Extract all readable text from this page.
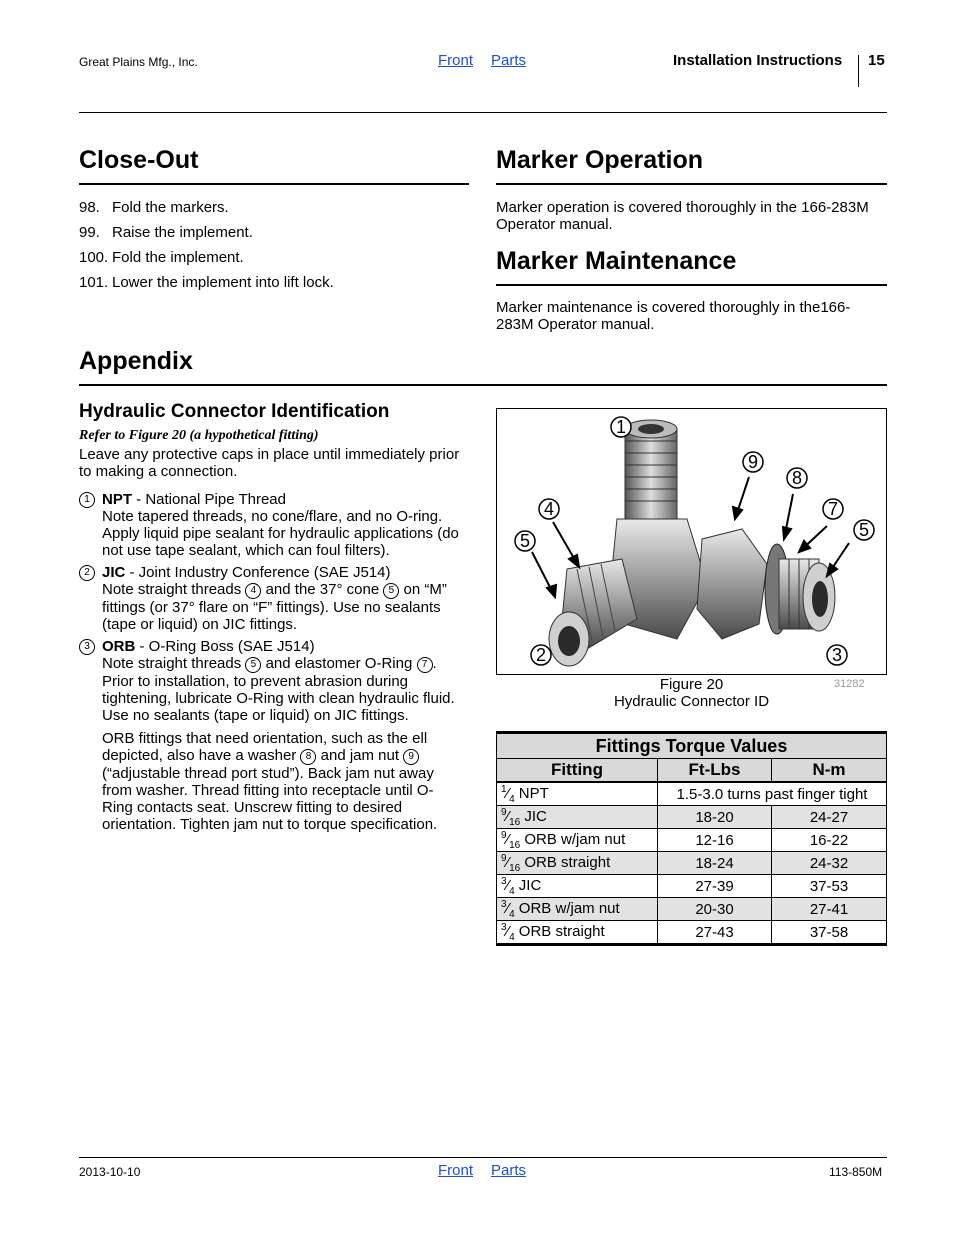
Great Plains Mfg., Inc.	Front Parts	Installation Instructions 15
Close-Out
98. Fold the markers.
99. Raise the implement.
100. Fold the implement.
101. Lower the implement into lift lock.
Marker Operation
Marker operation is covered thoroughly in the 166-283M Operator manual.
Marker Maintenance
Marker maintenance is covered thoroughly in the166-283M Operator manual.
Appendix
Hydraulic Connector Identification
Refer to Figure 20 (a hypothetical fitting)
Leave any protective caps in place until immediately prior to making a connection.
1 NPT - National Pipe Thread
Note tapered threads, no cone/flare, and no O-ring. Apply liquid pipe sealant for hydraulic applications (do not use tape sealant, which can foul filters).
2 JIC - Joint Industry Conference (SAE J514)
Note straight threads 4 and the 37° cone 5 on “M” fittings (or 37° flare on “F” fittings). Use no sealants (tape or liquid) on JIC fittings.
3 ORB - O-Ring Boss (SAE J514)
Note straight threads 5 and elastomer O-Ring 7 . Prior to installation, to prevent abrasion during tightening, lubricate O-Ring with clean hydraulic fluid. Use no sealants (tape or liquid) on JIC fittings.
ORB fittings that need orientation, such as the ell depicted, also have a washer 8 and jam nut 9 (“adjustable thread port stud”). Back jam nut away from washer. Thread fitting into receptacle until O-Ring contacts seat. Unscrew fitting to desired orientation. Tighten jam nut to torque specification.
1
9
8
4	7
5
5
2	3
Figure 20
Hydraulic Connector ID
31282
Fittings Torque Values		
Fitting	Ft-Lbs	N-m
$^1⁄_4$ NPT	1.5-3.0 turns past finger tight	
$^9⁄_{16}$ JIC	18-20	24-27
$^9⁄_{16}$ ORB w/jam nut	12-16	16-22
$^9⁄_{16}$ ORB straight	18-24	24-32
$^3⁄_4$ JIC	27-39	37-53
$^3⁄_4$ ORB w/jam nut	20-30	27-41
$^3⁄_4$ ORB straight	27-43	37-58
2013-10-10	Front Parts	113-850M
